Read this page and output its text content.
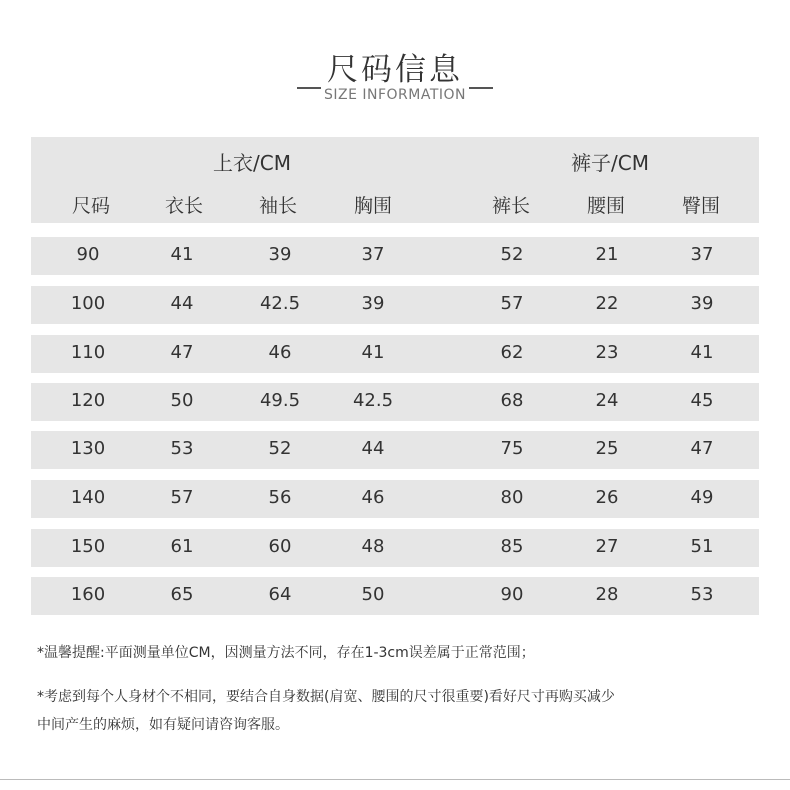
尺码信息
SIZE INFORMATION
上衣/CM	裤子/CM
尺码	衣长	袖长	胸围	裤长	腰围	臀围
90	41	39	37	52	21	37
100	44	42.5	39	57	22	39
110	47	46	41	62	23	41
120	50	49.5	42.5	68	24	45
130	53	52	44	75	25	47
140	57	56	46	80	26	49
150	61	60	48	85	27	51
160	65	64	50	90	28	53
*温馨提醒:平面测量单位CM，因测量方法不同，存在1-3cm误差属于正常范围；
*考虑到每个人身材个不相同，要结合自身数据(肩宽、腰围的尺寸很重要)看好尺寸再购买减少
中间产生的麻烦，如有疑问请咨询客服。
